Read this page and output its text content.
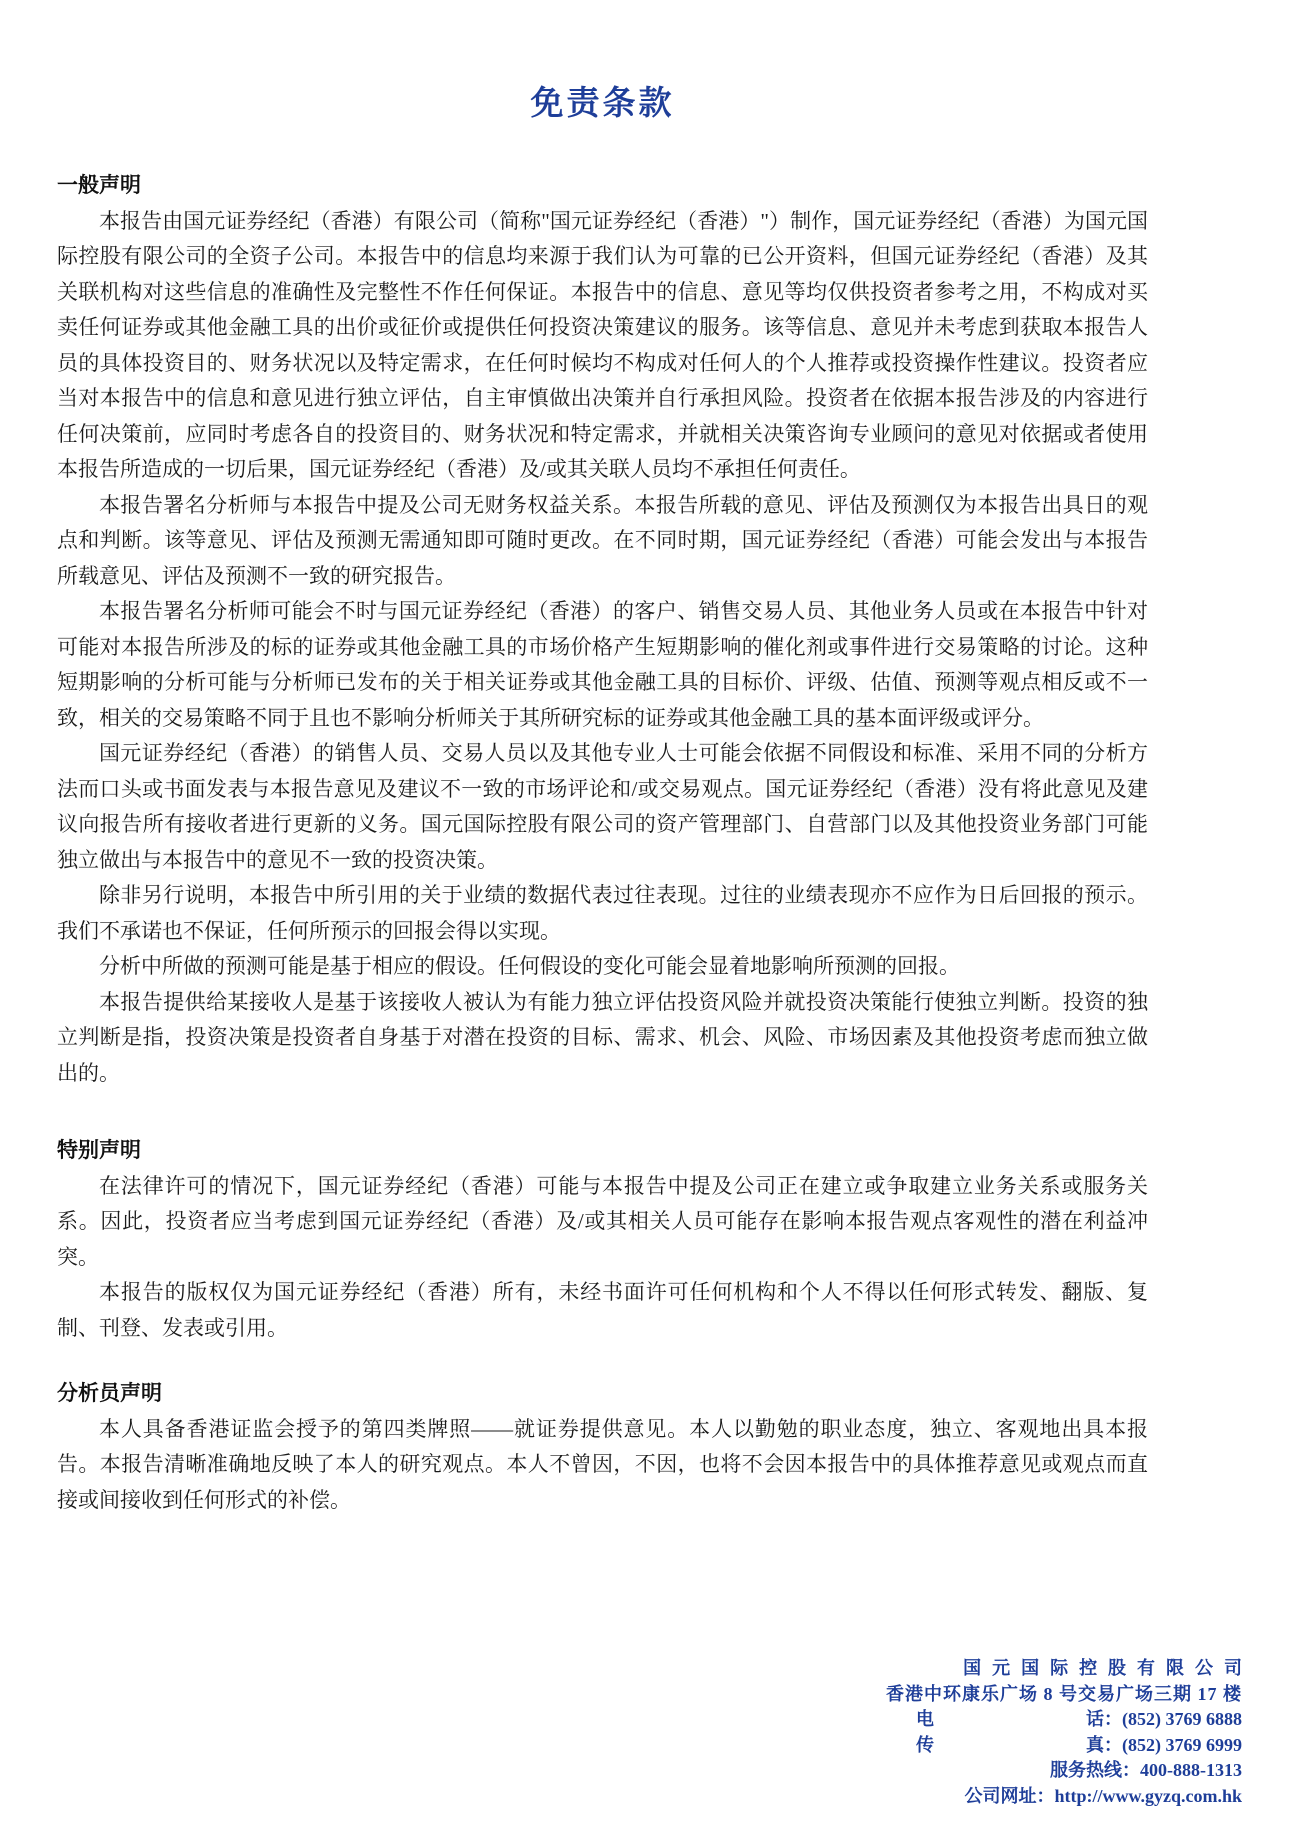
免责条款
一般声明

本报告由国元证券经纪（香港）有限公司（简称"国元证券经纪（香港）"）制作，国元证券经纪（香港）为国元国际控股有限公司的全资子公司。本报告中的信息均来源于我们认为可靠的已公开资料，但国元证券经纪（香港）及其关联机构对这些信息的准确性及完整性不作任何保证。本报告中的信息、意见等均仅供投资者参考之用，不构成对买卖任何证券或其他金融工具的出价或征价或提供任何投资决策建议的服务。该等信息、意见并未考虑到获取本报告人员的具体投资目的、财务状况以及特定需求，在任何时候均不构成对任何人的个人推荐或投资操作性建议。投资者应当对本报告中的信息和意见进行独立评估，自主审慎做出决策并自行承担风险。投资者在依据本报告涉及的内容进行任何决策前，应同时考虑各自的投资目的、财务状况和特定需求，并就相关决策咨询专业顾问的意见对依据或者使用本报告所造成的一切后果，国元证券经纪（香港）及/或其关联人员均不承担任何责任。

本报告署名分析师与本报告中提及公司无财务权益关系。本报告所载的意见、评估及预测仅为本报告出具日的观点和判断。该等意见、评估及预测无需通知即可随时更改。在不同时期，国元证券经纪（香港）可能会发出与本报告所载意见、评估及预测不一致的研究报告。

本报告署名分析师可能会不时与国元证券经纪（香港）的客户、销售交易人员、其他业务人员或在本报告中针对可能对本报告所涉及的标的证券或其他金融工具的市场价格产生短期影响的催化剂或事件进行交易策略的讨论。这种短期影响的分析可能与分析师已发布的关于相关证券或其他金融工具的目标价、评级、估值、预测等观点相反或不一致，相关的交易策略不同于且也不影响分析师关于其所研究标的证券或其他金融工具的基本面评级或评分。

国元证券经纪（香港）的销售人员、交易人员以及其他专业人士可能会依据不同假设和标准、采用不同的分析方法而口头或书面发表与本报告意见及建议不一致的市场评论和/或交易观点。国元证券经纪（香港）没有将此意见及建议向报告所有接收者进行更新的义务。国元国际控股有限公司的资产管理部门、自营部门以及其他投资业务部门可能独立做出与本报告中的意见不一致的投资决策。

除非另行说明，本报告中所引用的关于业绩的数据代表过往表现。过往的业绩表现亦不应作为日后回报的预示。我们不承诺也不保证，任何所预示的回报会得以实现。

分析中所做的预测可能是基于相应的假设。任何假设的变化可能会显着地影响所预测的回报。

本报告提供给某接收人是基于该接收人被认为有能力独立评估投资风险并就投资决策能行使独立判断。投资的独立判断是指，投资决策是投资者自身基于对潜在投资的目标、需求、机会、风险、市场因素及其他投资考虑而独立做出的。

特别声明

在法律许可的情况下，国元证券经纪（香港）可能与本报告中提及公司正在建立或争取建立业务关系或服务关系。因此，投资者应当考虑到国元证券经纪（香港）及/或其相关人员可能存在影响本报告观点客观性的潜在利益冲突。

本报告的版权仅为国元证券经纪（香港）所有，未经书面许可任何机构和个人不得以任何形式转发、翻版、复制、刊登、发表或引用。

分析员声明

本人具备香港证监会授予的第四类牌照——就证券提供意见。本人以勤勉的职业态度，独立、客观地出具本报告。本报告清晰准确地反映了本人的研究观点。本人不曾因，不因，也将不会因本报告中的具体推荐意见或观点而直接或间接收到任何形式的补偿。

国元国际控股有限公司
香港中环康乐广场 8 号交易广场三期 17 楼
电	话：(852) 3769 6888
传	真：(852) 3769 6999
服务热线：400-888-1313
公司网址：http://www.gyzq.com.hk
